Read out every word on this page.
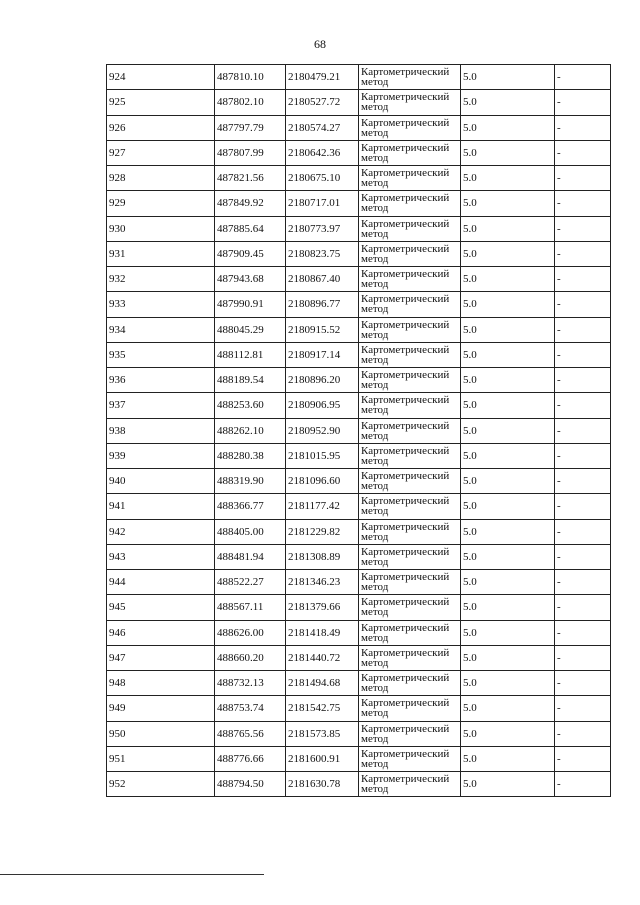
68
924	487810.10	2180479.21	Картометрический
метод	5.0	-
925	487802.10	2180527.72	Картометрический
метод	5.0	-
926	487797.79	2180574.27	Картометрический
метод	5.0	-
927	487807.99	2180642.36	Картометрический
метод	5.0	-
928	487821.56	2180675.10	Картометрический
метод	5.0	-
929	487849.92	2180717.01	Картометрический
метод	5.0	-
930	487885.64	2180773.97	Картометрический
метод	5.0	-
931	487909.45	2180823.75	Картометрический
метод	5.0	-
932	487943.68	2180867.40	Картометрический
метод	5.0	-
933	487990.91	2180896.77	Картометрический
метод	5.0	-
934	488045.29	2180915.52	Картометрический
метод	5.0	-
935	488112.81	2180917.14	Картометрический
метод	5.0	-
936	488189.54	2180896.20	Картометрический
метод	5.0	-
937	488253.60	2180906.95	Картометрический
метод	5.0	-
938	488262.10	2180952.90	Картометрический
метод	5.0	-
939	488280.38	2181015.95	Картометрический
метод	5.0	-
940	488319.90	2181096.60	Картометрический
метод	5.0	-
941	488366.77	2181177.42	Картометрический
метод	5.0	-
942	488405.00	2181229.82	Картометрический
метод	5.0	-
943	488481.94	2181308.89	Картометрический
метод	5.0	-
944	488522.27	2181346.23	Картометрический
метод	5.0	-
945	488567.11	2181379.66	Картометрический
метод	5.0	-
946	488626.00	2181418.49	Картометрический
метод	5.0	-
947	488660.20	2181440.72	Картометрический
метод	5.0	-
948	488732.13	2181494.68	Картометрический
метод	5.0	-
949	488753.74	2181542.75	Картометрический
метод	5.0	-
950	488765.56	2181573.85	Картометрический
метод	5.0	-
951	488776.66	2181600.91	Картометрический
метод	5.0	-
952	488794.50	2181630.78	Картометрический
метод	5.0	-
